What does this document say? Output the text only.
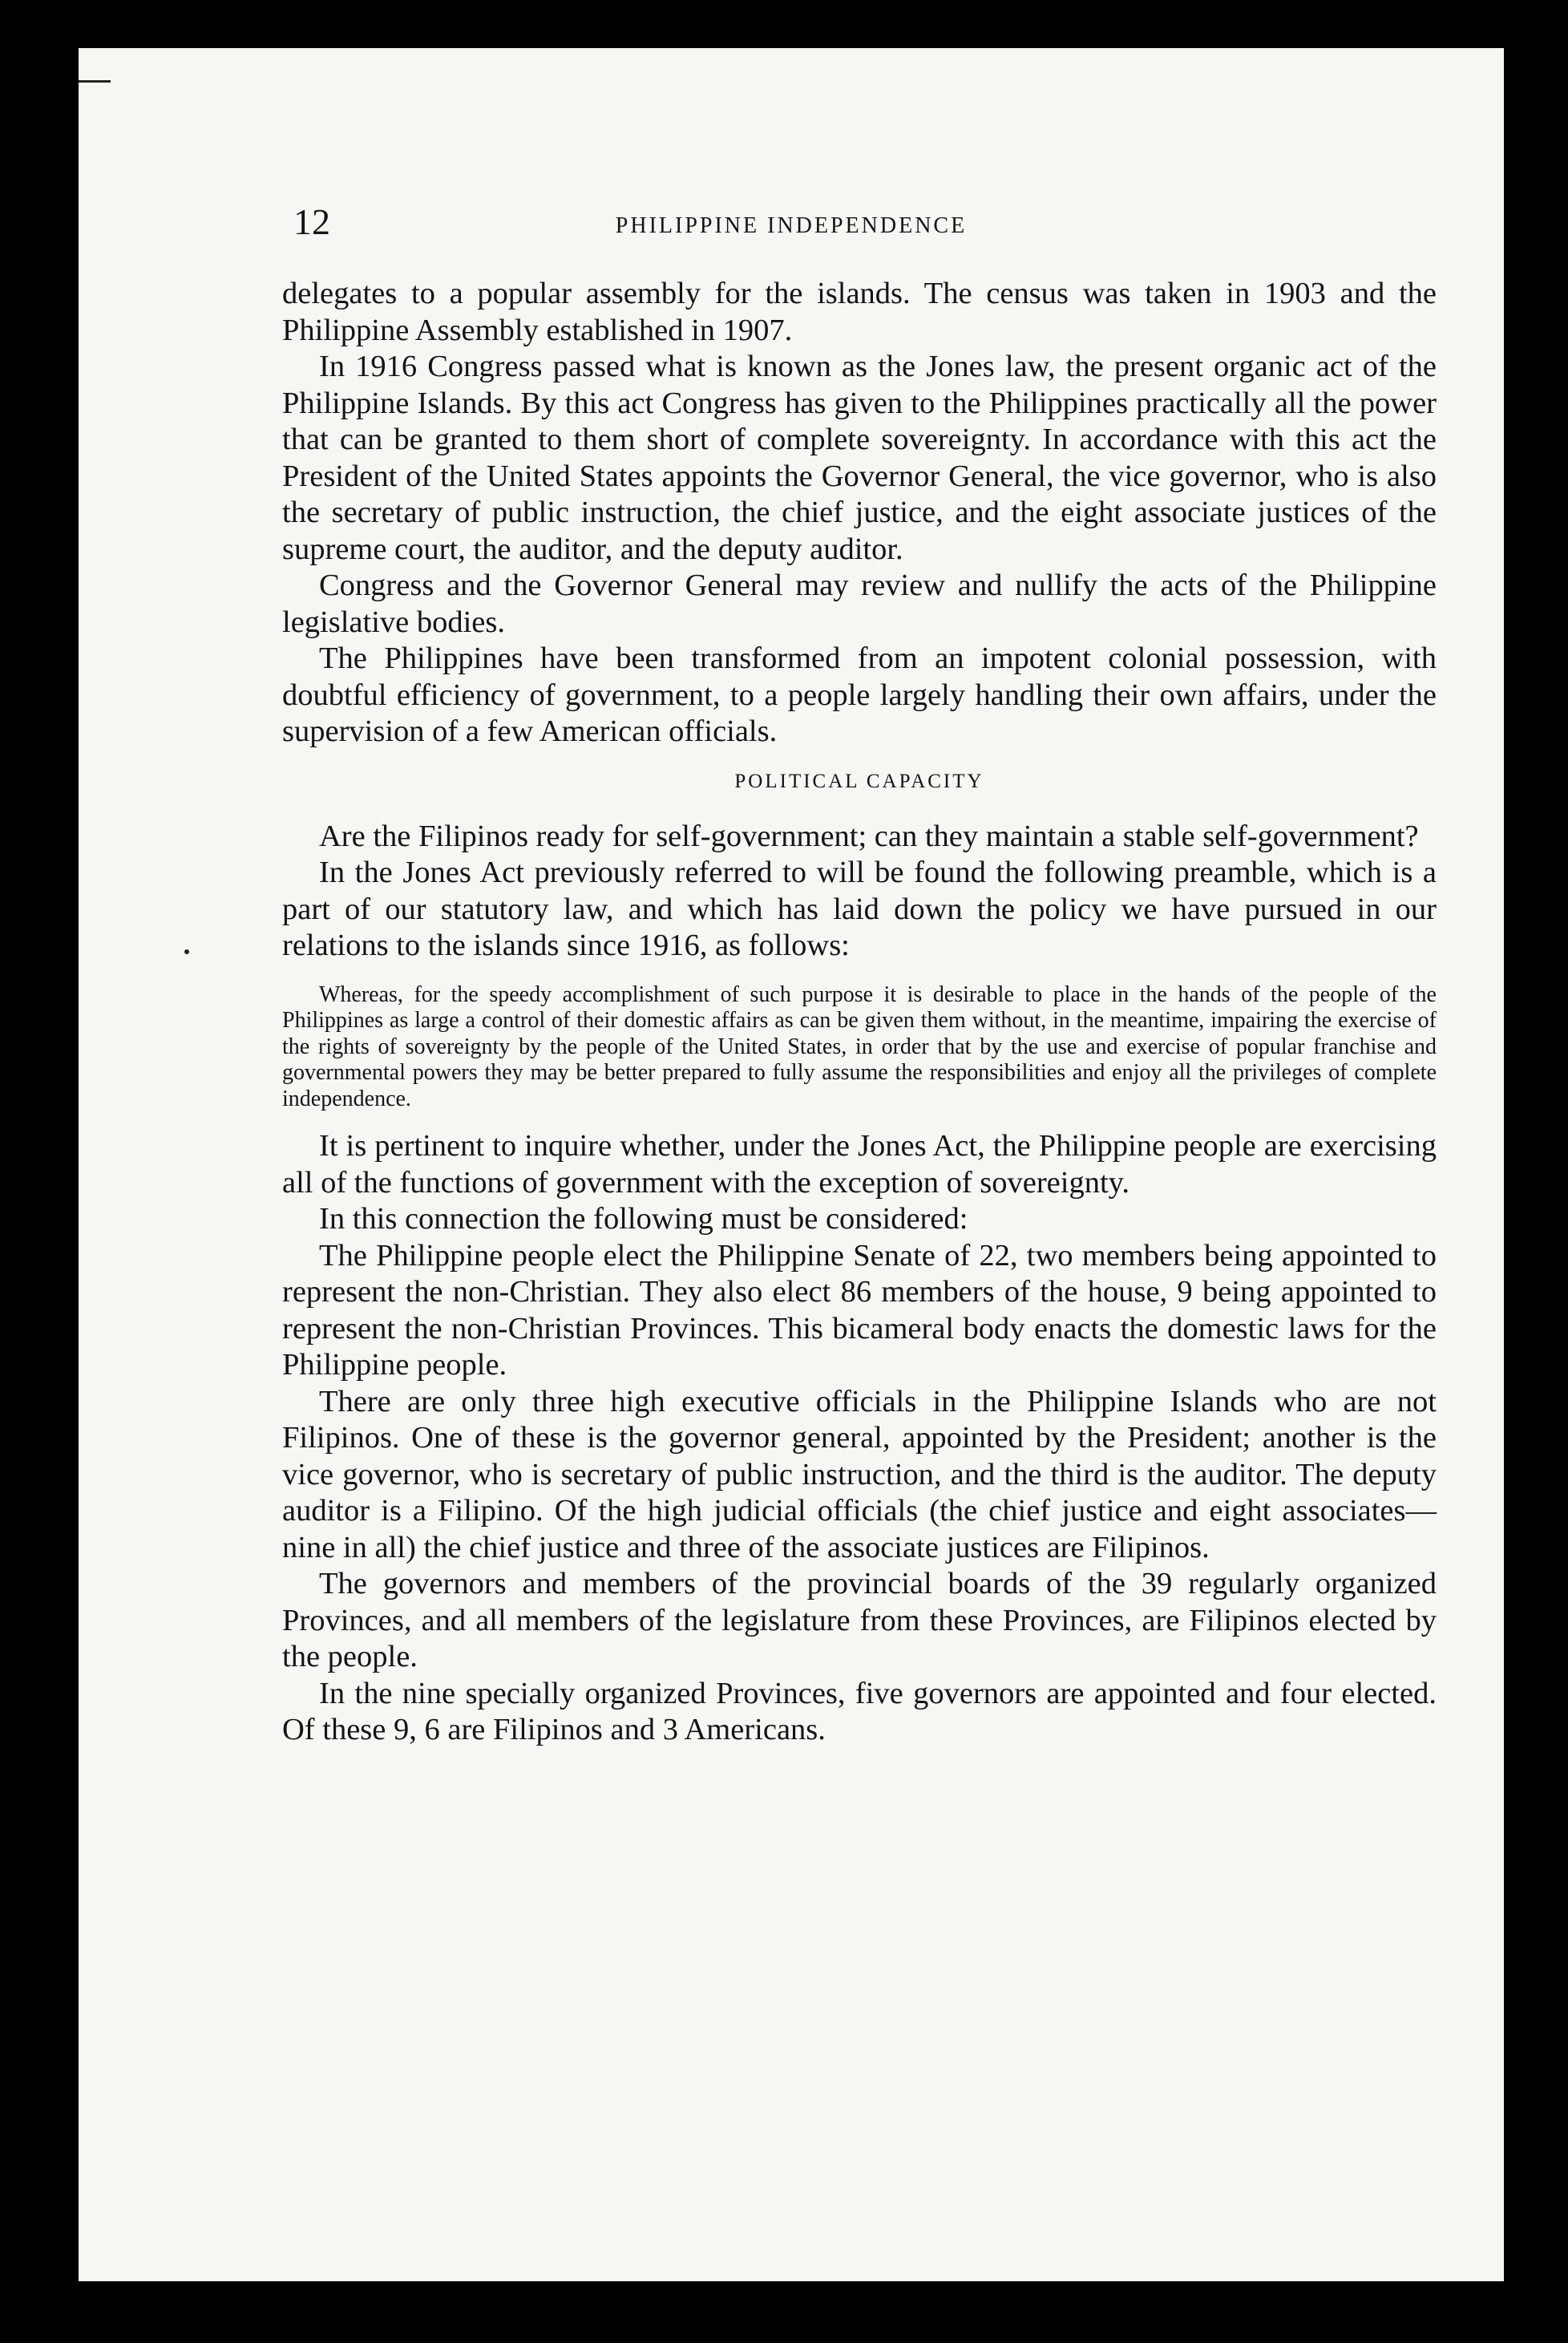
12	PHILIPPINE INDEPENDENCE

delegates to a popular assembly for the islands. The census was taken in 1903 and the Philippine Assembly established in 1907.

In 1916 Congress passed what is known as the Jones law, the present organic act of the Philippine Islands. By this act Congress has given to the Philippines practically all the power that can be granted to them short of complete sovereignty. In accordance with this act the President of the United States appoints the Governor General, the vice governor, who is also the secretary of public instruction, the chief justice, and the eight associate justices of the supreme court, the auditor, and the deputy auditor.

Congress and the Governor General may review and nullify the acts of the Philippine legislative bodies.

The Philippines have been transformed from an impotent colonial possession, with doubtful efficiency of government, to a people largely handling their own affairs, under the supervision of a few American officials.

POLITICAL CAPACITY

Are the Filipinos ready for self-government; can they maintain a stable self-government?

In the Jones Act previously referred to will be found the following preamble, which is a part of our statutory law, and which has laid down the policy we have pursued in our relations to the islands since 1916, as follows:

Whereas, for the speedy accomplishment of such purpose it is desirable to place in the hands of the people of the Philippines as large a control of their domestic affairs as can be given them without, in the meantime, impairing the exercise of the rights of sovereignty by the people of the United States, in order that by the use and exercise of popular franchise and governmental powers they may be better prepared to fully assume the responsibilities and enjoy all the privileges of complete independence.

It is pertinent to inquire whether, under the Jones Act, the Philippine people are exercising all of the functions of government with the exception of sovereignty.

In this connection the following must be considered:

The Philippine people elect the Philippine Senate of 22, two members being appointed to represent the non-Christian. They also elect 86 members of the house, 9 being appointed to represent the non-Christian Provinces. This bicameral body enacts the domestic laws for the Philippine people.

There are only three high executive officials in the Philippine Islands who are not Filipinos. One of these is the governor general, appointed by the President; another is the vice governor, who is secretary of public instruction, and the third is the auditor. The deputy auditor is a Filipino. Of the high judicial officials (the chief justice and eight associates—nine in all) the chief justice and three of the associate justices are Filipinos.

The governors and members of the provincial boards of the 39 regularly organized Provinces, and all members of the legislature from these Provinces, are Filipinos elected by the people.

In the nine specially organized Provinces, five governors are appointed and four elected. Of these 9, 6 are Filipinos and 3 Americans.
